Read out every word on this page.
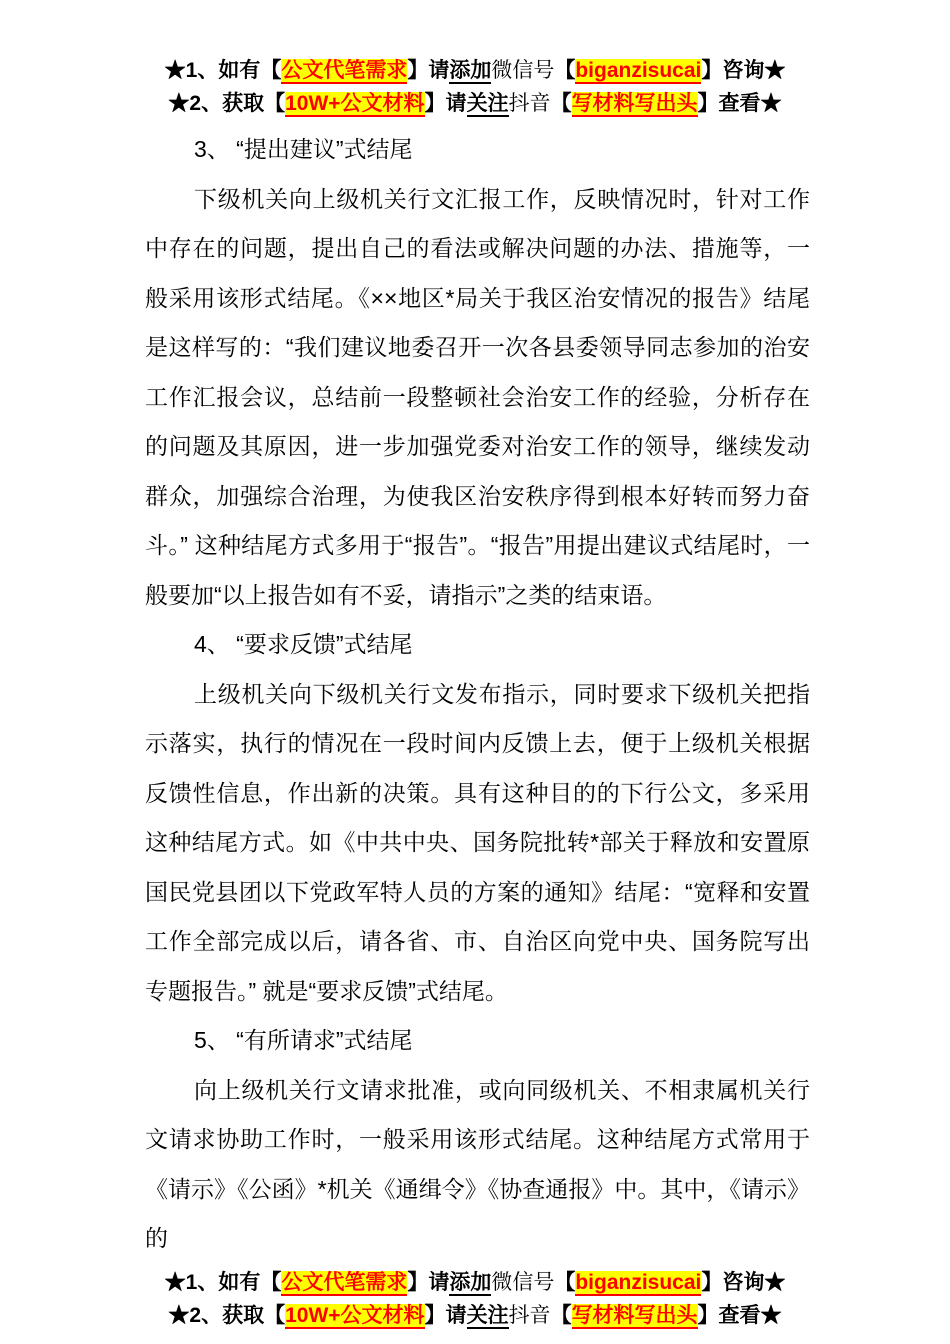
★1、如有【公文代笔需求】请添加微信号【biganzisucai】咨询★
★2、获取【10W+公文材料】请关注抖音【写材料写出头】查看★
3、 “提出建议”式结尾

下级机关向上级机关行文汇报工作，反映情况时，针对工作中存在的问题，提出自己的看法或解决问题的办法、措施等，一般采用该形式结尾。《××地区*局关于我区治安情况的报告》结尾是这样写的：“我们建议地委召开一次各县委领导同志参加的治安工作汇报会议，总结前一段整顿社会治安工作的经验，分析存在的问题及其原因，进一步加强党委对治安工作的领导，继续发动群众，加强综合治理，为使我区治安秩序得到根本好转而努力奋斗。” 这种结尾方式多用于“报告”。“报告”用提出建议式结尾时，一般要加“以上报告如有不妥，请指示”之类的结束语。

4、 “要求反馈”式结尾

上级机关向下级机关行文发布指示，同时要求下级机关把指示落实，执行的情况在一段时间内反馈上去，便于上级机关根据反馈性信息，作出新的决策。具有这种目的的下行公文，多采用这种结尾方式。如《中共中央、国务院批转*部关于释放和安置原国民党县团以下党政军特人员的方案的通知》结尾：“宽释和安置工作全部完成以后，请各省、市、自治区向党中央、国务院写出专题报告。” 就是“要求反馈”式结尾。

5、 “有所请求”式结尾

向上级机关行文请求批准，或向同级机关、不相隶属机关行文请求协助工作时，一般采用该形式结尾。这种结尾方式常用于《请示》《公函》*机关《通缉令》《协查通报》中。其中，《请示》的

★1、如有【公文代笔需求】请添加微信号【biganzisucai】咨询★
★2、获取【10W+公文材料】请关注抖音【写材料写出头】查看★
